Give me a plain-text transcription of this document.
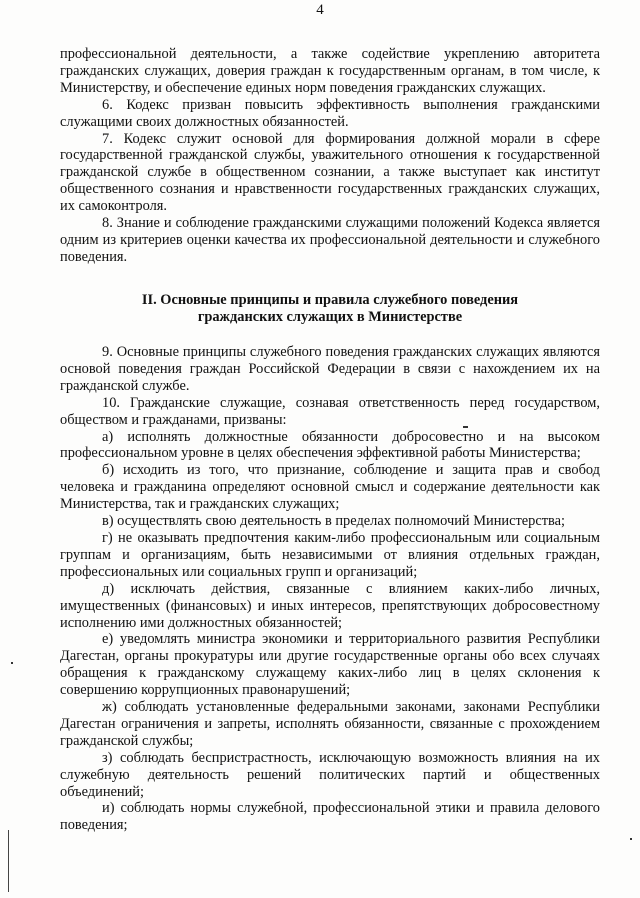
4

профессиональной деятельности, а также содействие укреплению авторитета гражданских служащих, доверия граждан к государственным органам, в том числе, к Министерству, и обеспечение единых норм поведения гражданских служащих.

6. Кодекс призван повысить эффективность выполнения гражданскими служащими своих должностных обязанностей.

7. Кодекс служит основой для формирования должной морали в сфере государственной гражданской службы, уважительного отношения к государственной гражданской службе в общественном сознании, а также выступает как институт общественного сознания и нравственности государственных гражданских служащих, их самоконтроля.

8. Знание и соблюдение гражданскими служащими положений Кодекса является одним из критериев оценки качества их профессиональной деятельности и служебного поведения.

II. Основные принципы и правила служебного поведения
гражданских служащих в Министерстве

9. Основные принципы служебного поведения гражданских служащих являются основой поведения граждан Российской Федерации в связи с нахождением их на гражданской службе.

10. Гражданские служащие, сознавая ответственность перед государством, обществом и гражданами, призваны:

а) исполнять должностные обязанности добросовестно и на высоком профессиональном уровне в целях обеспечения эффективной работы Министерства;

б) исходить из того, что признание, соблюдение и защита прав и свобод человека и гражданина определяют основной смысл и содержание деятельности как Министерства, так и гражданских служащих;

в) осуществлять свою деятельность в пределах полномочий Министерства;

г) не оказывать предпочтения каким-либо профессиональным или социальным группам и организациям, быть независимыми от влияния отдельных граждан, профессиональных или социальных групп и организаций;

д) исключать действия, связанные с влиянием каких-либо личных, имущественных (финансовых) и иных интересов, препятствующих добросовестному исполнению ими должностных обязанностей;

е) уведомлять министра экономики и территориального развития Республики Дагестан, органы прокуратуры или другие государственные органы обо всех случаях обращения к гражданскому служащему каких-либо лиц в целях склонения к совершению коррупционных правонарушений;

ж) соблюдать установленные федеральными законами, законами Республики Дагестан ограничения и запреты, исполнять обязанности, связанные с прохождением гражданской службы;

з) соблюдать беспристрастность, исключающую возможность влияния на их служебную деятельность решений политических партий и общественных объединений;

и) соблюдать нормы служебной, профессиональной этики и правила делового поведения;
